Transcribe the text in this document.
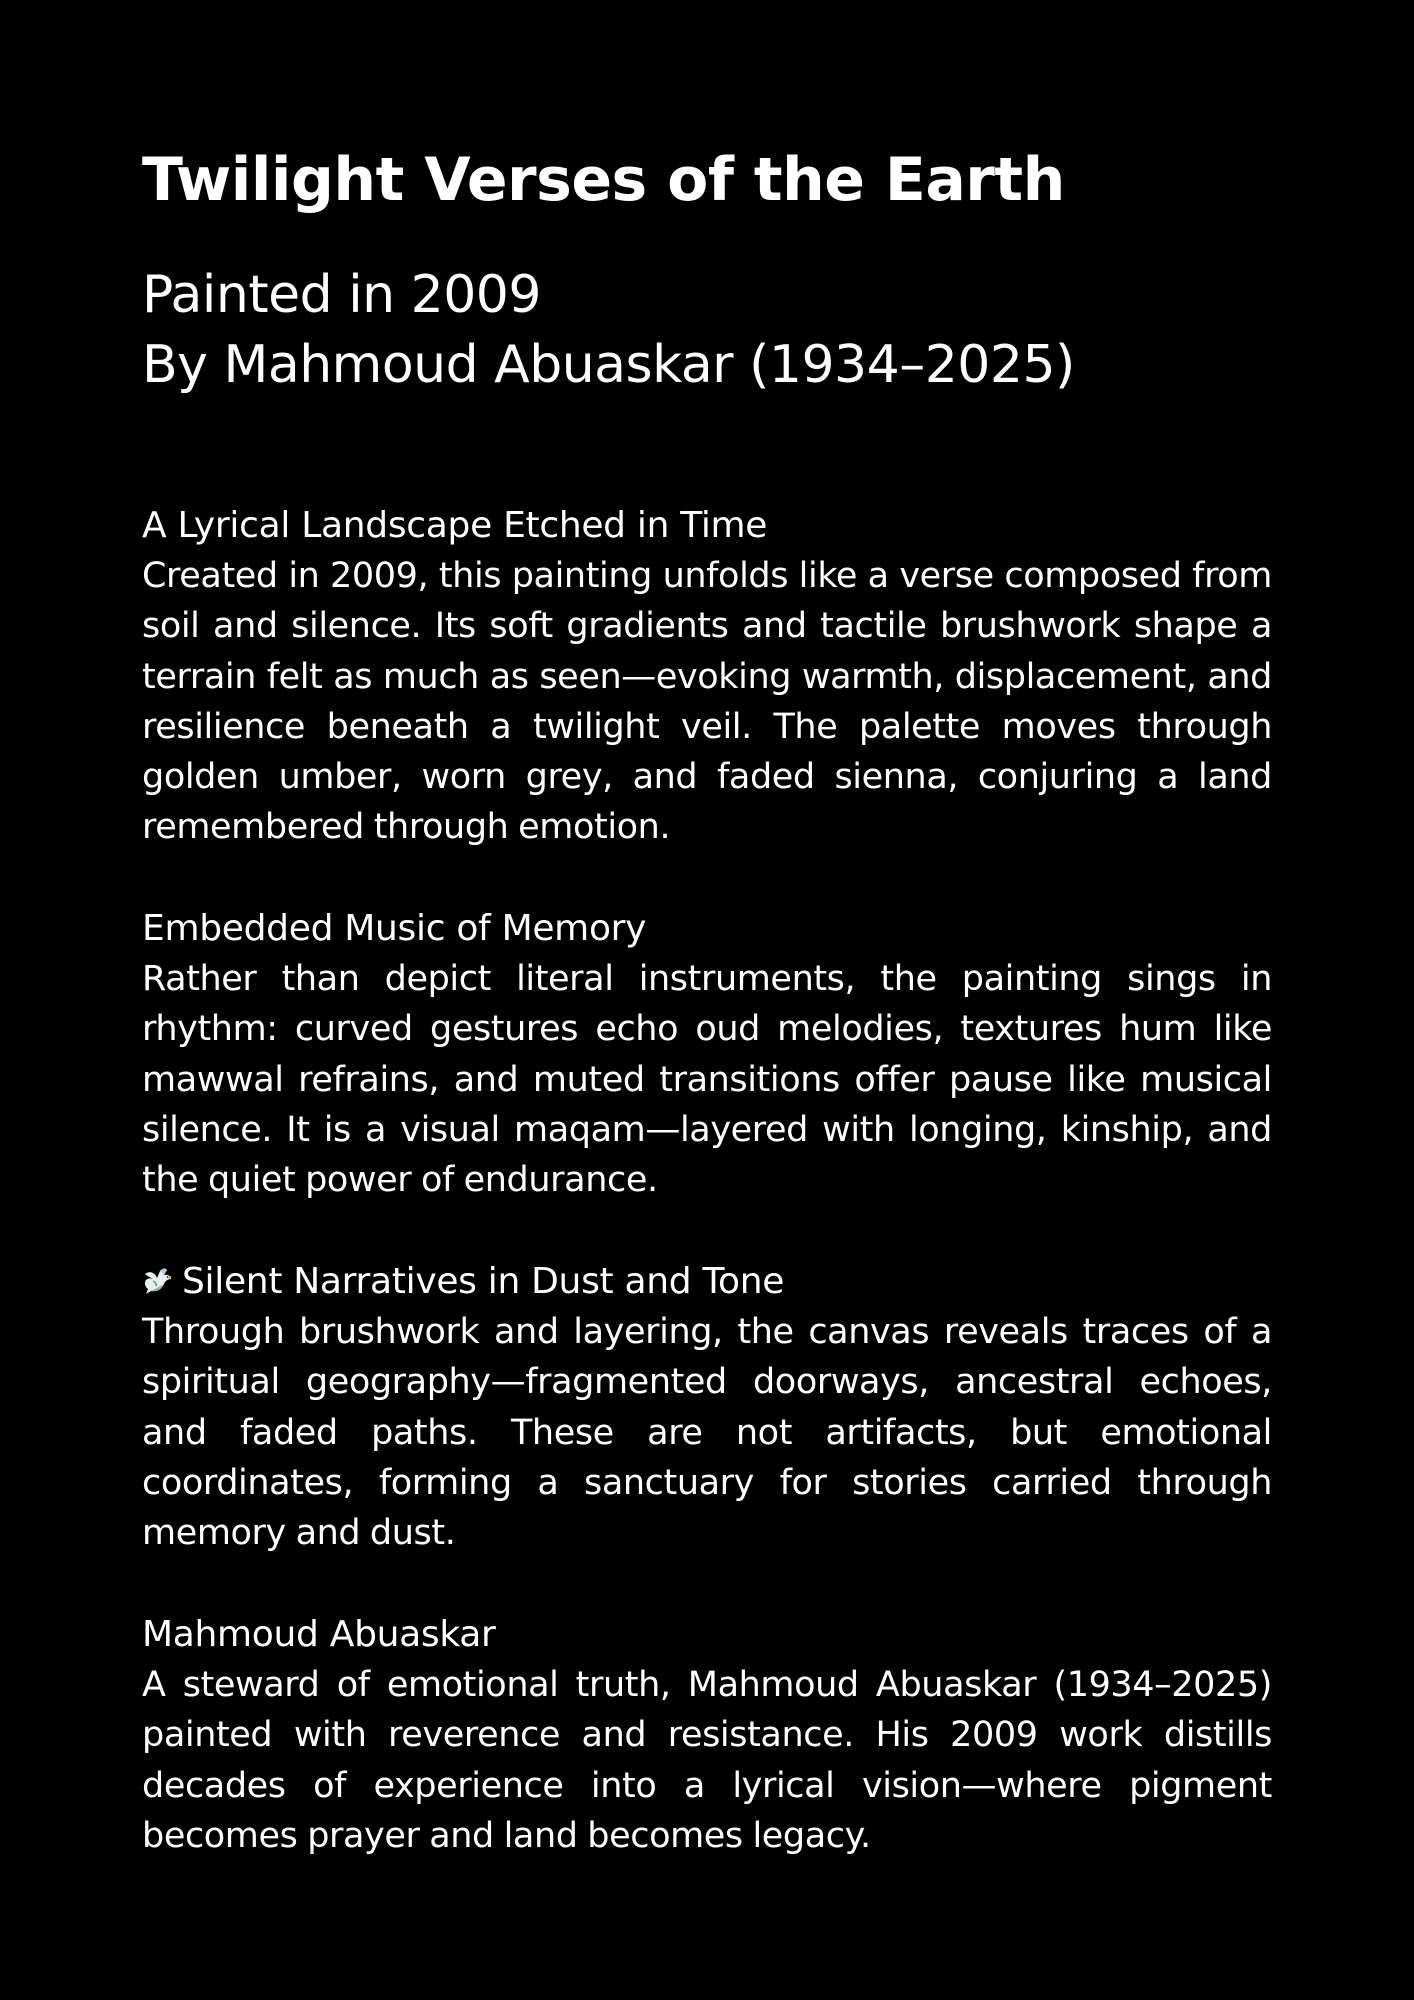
Twilight Verses of the Earth

Painted in 2009

By Mahmoud Abuaskar (1934–2025)

A Lyrical Landscape Etched in Time

Created in 2009, this painting unfolds like a verse composed from soil and silence. Its soft gradients and tactile brushwork shape a terrain felt as much as seen—evoking warmth, displacement, and resilience beneath a twilight veil. The palette moves through golden umber, worn grey, and faded sienna, conjuring a land remembered through emotion.

Embedded Music of Memory

Rather than depict literal instruments, the painting sings in rhythm: curved gestures echo oud melodies, textures hum like mawwal refrains, and muted transitions offer pause like musical silence. It is a visual maqam—layered with longing, kinship, and the quiet power of endurance.

Silent Narratives in Dust and Tone

Through brushwork and layering, the canvas reveals traces of a spiritual geography—fragmented doorways, ancestral echoes, and faded paths. These are not artifacts, but emotional coordinates, forming a sanctuary for stories carried through memory and dust.

Mahmoud Abuaskar

A steward of emotional truth, Mahmoud Abuaskar (1934–2025) painted with reverence and resistance. His 2009 work distills decades of experience into a lyrical vision—where pigment becomes prayer and land becomes legacy.
